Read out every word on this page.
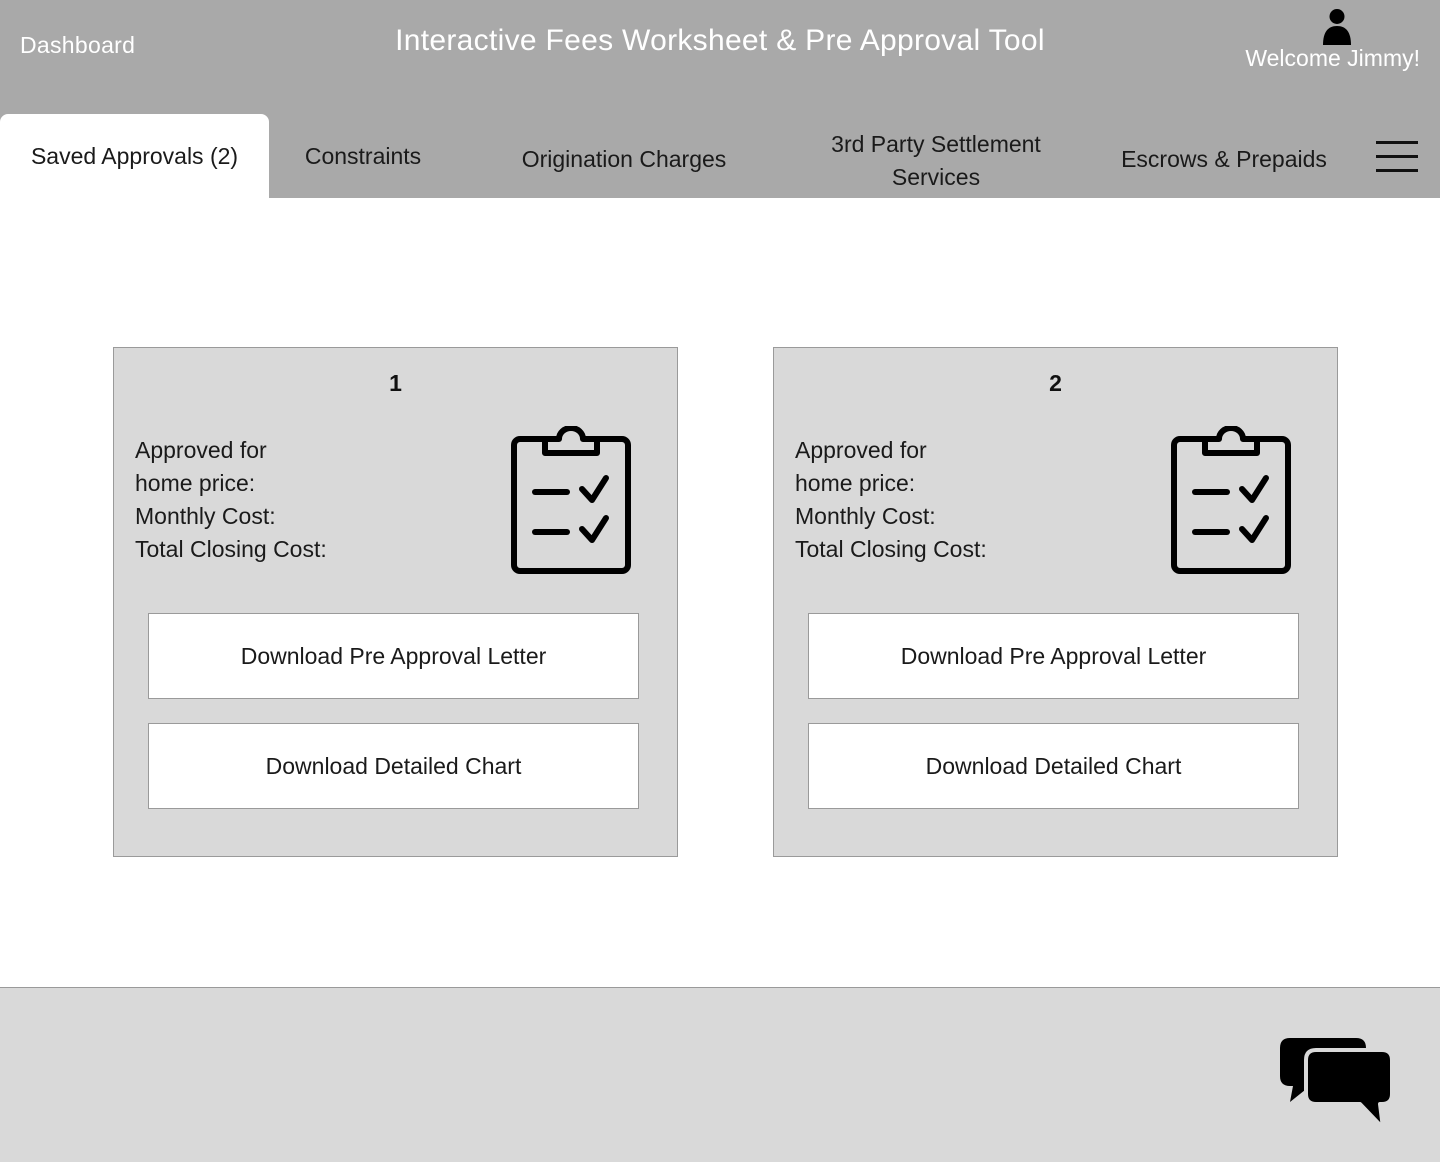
Dashboard	Interactive Fees Worksheet & Pre Approval Tool
Welcome Jimmy!
Saved Approvals (2)	Constraints	Origination Charges
3rd Party Settlement Services
Escrows & Prepaids
1
Approved for
home price:
Monthly Cost:
Total Closing Cost:
Download Pre Approval Letter
Download Detailed Chart
2
Approved for
home price:
Monthly Cost:
Total Closing Cost:
Download Pre Approval Letter
Download Detailed Chart
